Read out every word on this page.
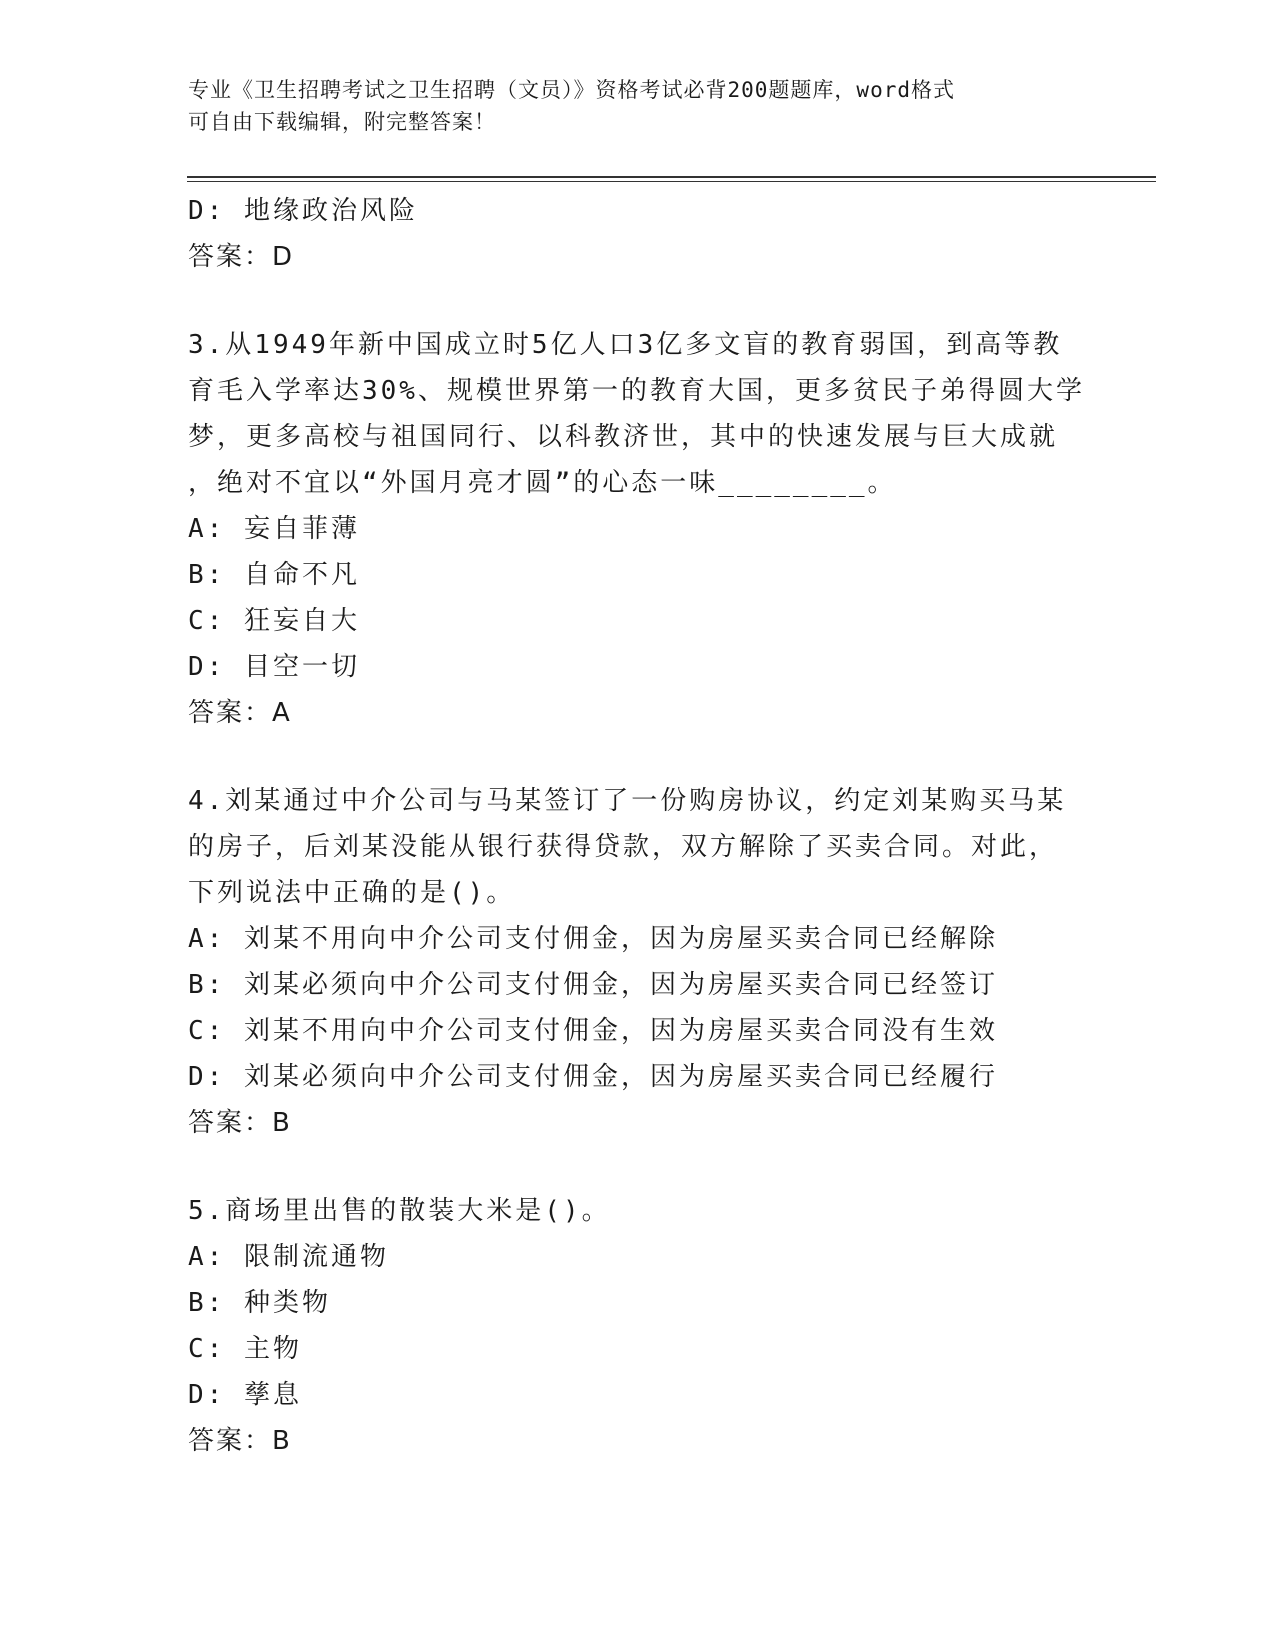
专业《卫生招聘考试之卫生招聘（文员）》资格考试必背200题题库，word格式
可自由下载编辑，附完整答案！
D: 地缘政治风险
答案：D
3.从1949年新中国成立时5亿人口3亿多文盲的教育弱国，到高等教
育毛入学率达30%、规模世界第一的教育大国，更多贫民子弟得圆大学
梦，更多高校与祖国同行、以科教济世，其中的快速发展与巨大成就
，绝对不宜以“外国月亮才圆”的心态一味________。
A: 妄自菲薄
B: 自命不凡
C: 狂妄自大
D: 目空一切
答案：A
4.刘某通过中介公司与马某签订了一份购房协议，约定刘某购买马某
的房子，后刘某没能从银行获得贷款，双方解除了买卖合同。对此，
下列说法中正确的是()。
A: 刘某不用向中介公司支付佣金，因为房屋买卖合同已经解除
B: 刘某必须向中介公司支付佣金，因为房屋买卖合同已经签订
C: 刘某不用向中介公司支付佣金，因为房屋买卖合同没有生效
D: 刘某必须向中介公司支付佣金，因为房屋买卖合同已经履行
答案：B
5.商场里出售的散装大米是()。
A: 限制流通物
B: 种类物
C: 主物
D: 孳息
答案：B
